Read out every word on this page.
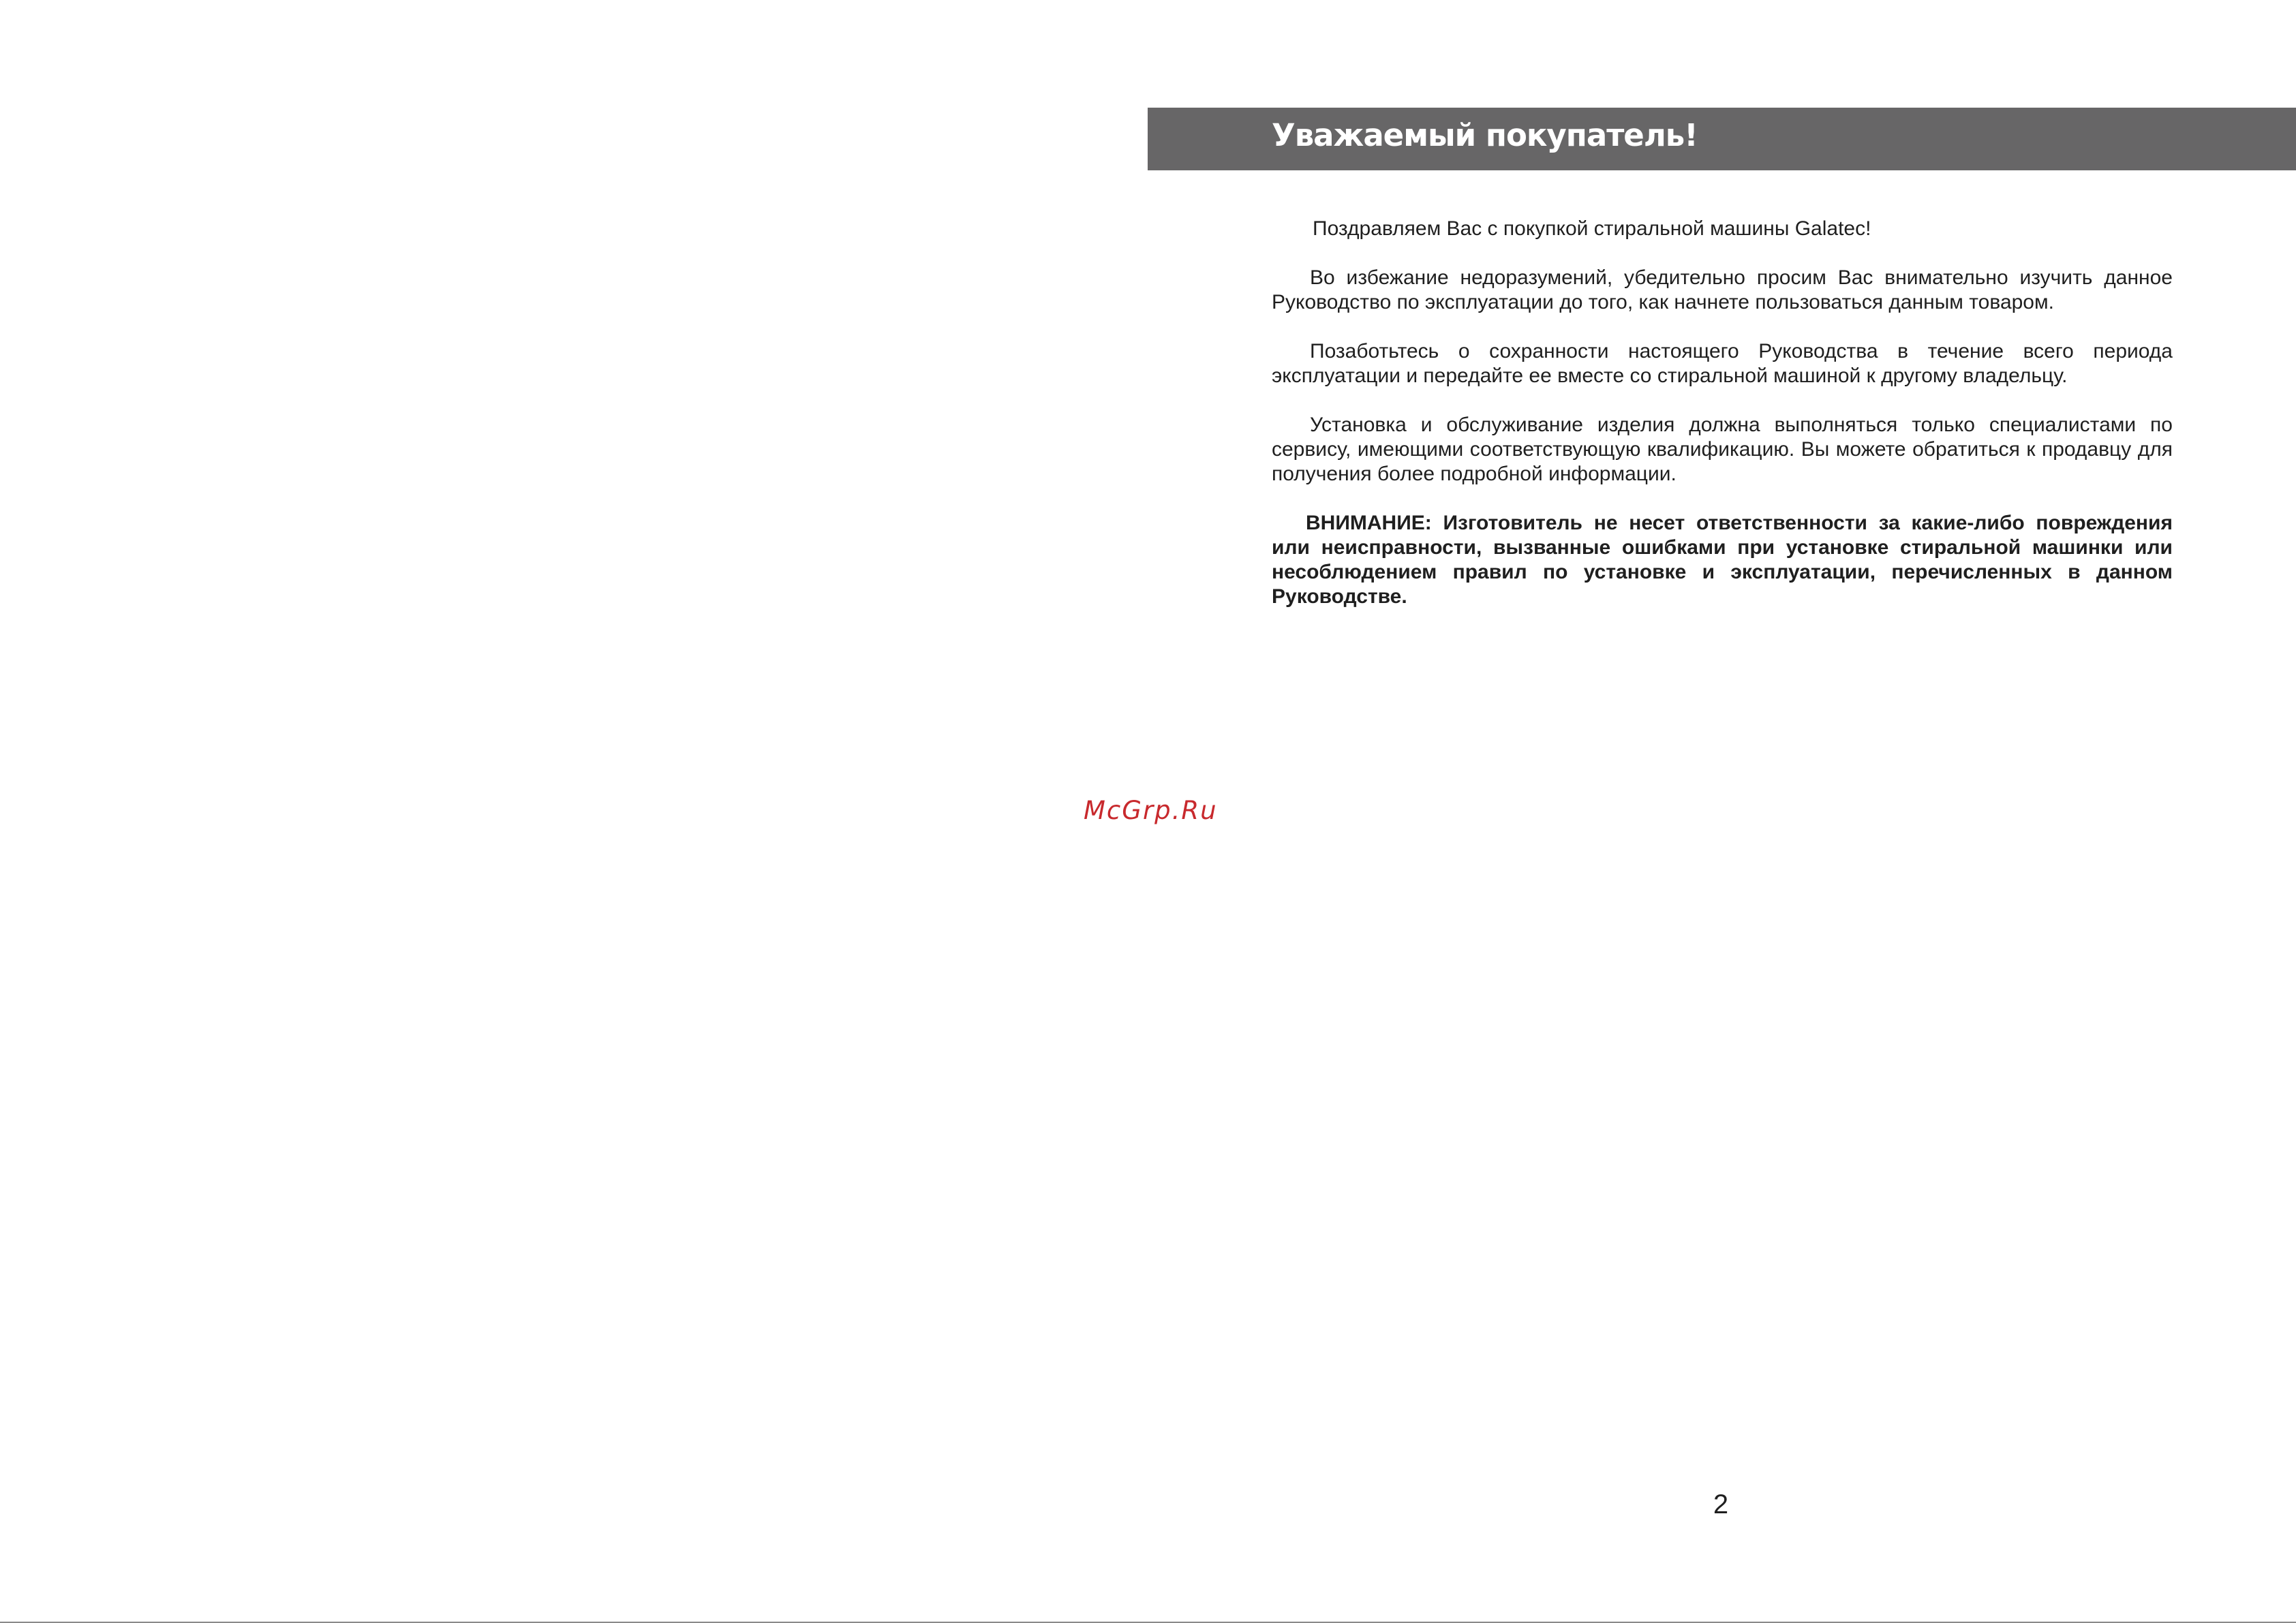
Уважаемый покупатель!

Поздравляем Вас с покупкой стиральной машины Galatec!

Во избежание недоразумений, убедительно просим Вас внимательно изучить данное Руководство по эксплуатации до того, как начнете пользоваться данным товаром.

Позаботьтесь о сохранности настоящего Руководства в течение всего периода эксплуатации и передайте ее вместе со стиральной машиной к другому владельцу.

Установка и обслуживание изделия должна выполняться только специалистами по сервису, имеющими соответствующую квалификацию. Вы можете обратиться к продавцу для получения более подробной информации.

ВНИМАНИЕ: Изготовитель не несет ответственности за какие-либо повреждения или неисправности, вызванные ошибками при установке стиральной машинки или несоблюдением правил по установке и эксплуатации, перечисленных в данном Руководстве.

McGrp.Ru
2
